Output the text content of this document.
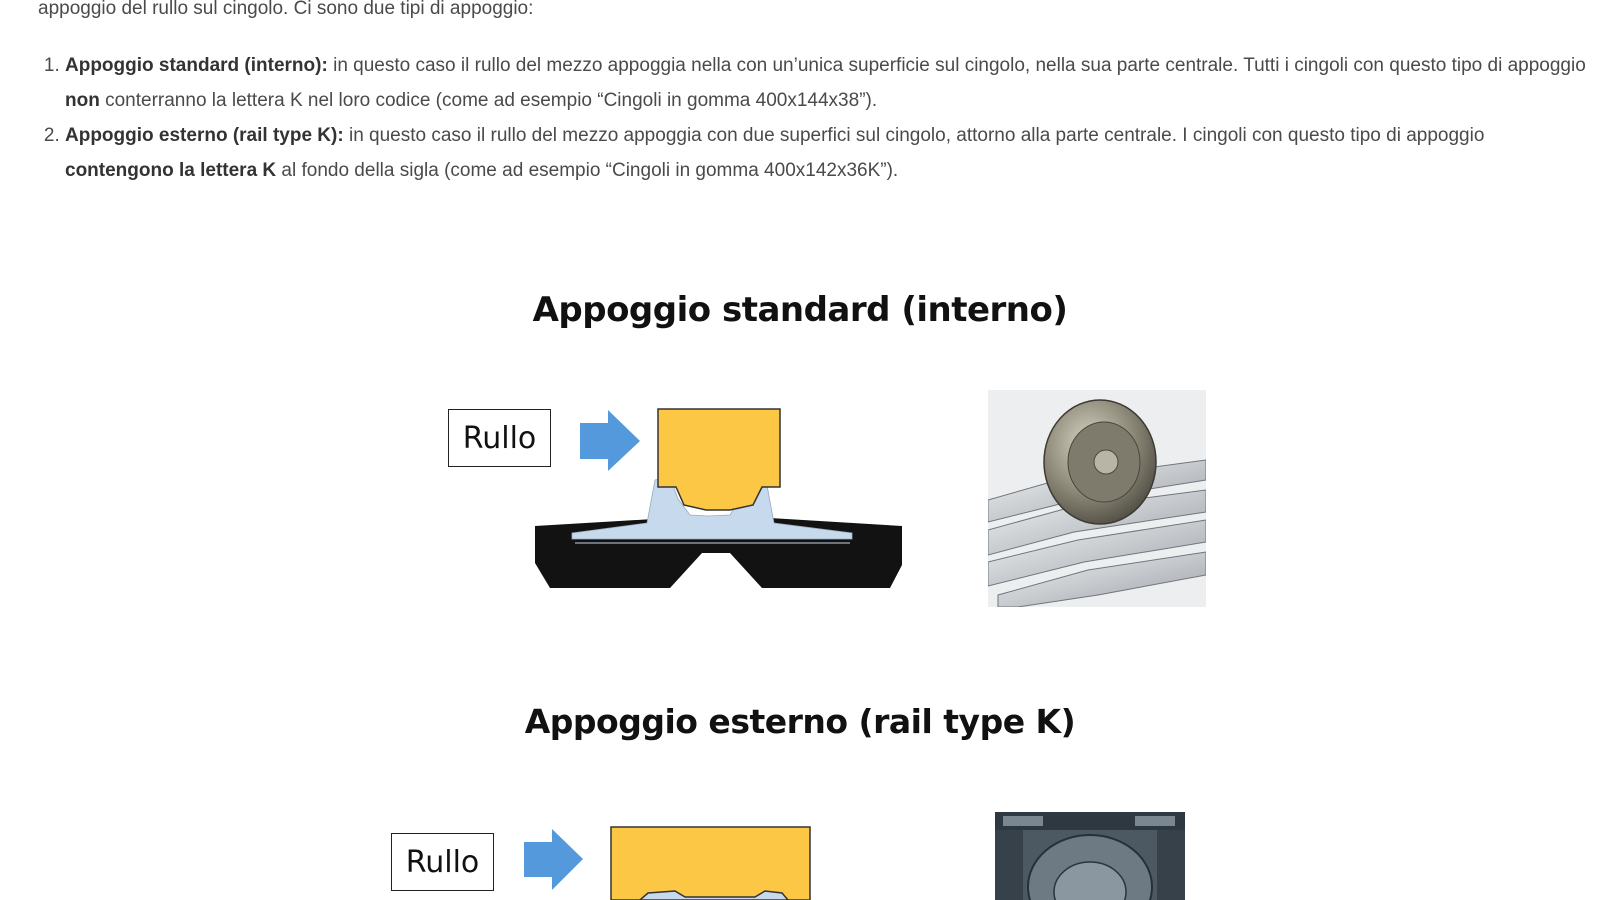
appoggio del rullo sul cingolo. Ci sono due tipi di appoggio:

1. Appoggio standard (interno): in questo caso il rullo del mezzo appoggia nella con un’unica superficie sul cingolo, nella sua parte centrale. Tutti i cingoli con questo tipo di appoggio non conterranno la lettera K nel loro codice (come ad esempio “Cingoli in gomma 400x144x38”).
2. Appoggio esterno (rail type K): in questo caso il rullo del mezzo appoggia con due superfici sul cingolo, attorno alla parte centrale. I cingoli con questo tipo di appoggio contengono la lettera K al fondo della sigla (come ad esempio “Cingoli in gomma 400x142x36K”).
Appoggio standard (interno)
Rullo
Appoggio esterno (rail type K)
Rullo
